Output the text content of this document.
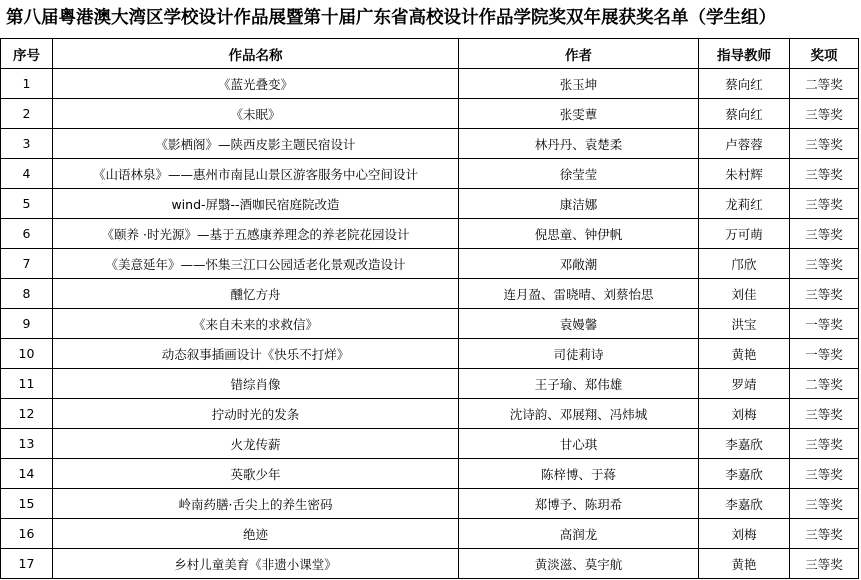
第八届粤港澳大湾区学校设计作品展暨第十届广东省高校设计作品学院奖双年展获奖名单（学生组）
序号	作品名称	作者	指导教师	奖项
1	《蓝光叠变》	张玉坤	蔡向红	二等奖
2	《未眠》	张雯蕈	蔡向红	三等奖
3	《影栖阁》—陕西皮影主题民宿设计	林丹丹、袁楚柔	卢蓉蓉	三等奖
4	《山语林泉》——惠州市南昆山景区游客服务中心空间设计	徐莹莹	朱村辉	三等奖
5	wind-屏翳--酒咖民宿庭院改造	康洁娜	龙莉红	三等奖
6	《颐养 ·时光源》—基于五感康养理念的养老院花园设计	倪思童、钟伊帆	万可萌	三等奖
7	《美意延年》——怀集三江口公园适老化景观改造设计	邓敞潮	邝欣	三等奖
8	醺忆方舟	连月盈、雷晓晴、刘蔡怡思	刘佳	三等奖
9	《来自未来的求救信》	袁嫚馨	洪宝	一等奖
10	动态叙事插画设计《快乐不打烊》	司徒莉诗	黄艳	一等奖
11	错综肖像	王子瑜、郑伟雄	罗靖	二等奖
12	拧动时光的发条	沈诗韵、邓展翔、冯炜城	刘梅	三等奖
13	火龙传薪	甘心琪	李嘉欣	三等奖
14	英歌少年	陈梓博、于蒋	李嘉欣	三等奖
15	岭南药膳·舌尖上的养生密码	郑博予、陈玥希	李嘉欣	三等奖
16	绝迹	高润龙	刘梅	三等奖
17	乡村儿童美育《非遗小课堂》	黄淡滋、莫宇航	黄艳	三等奖
